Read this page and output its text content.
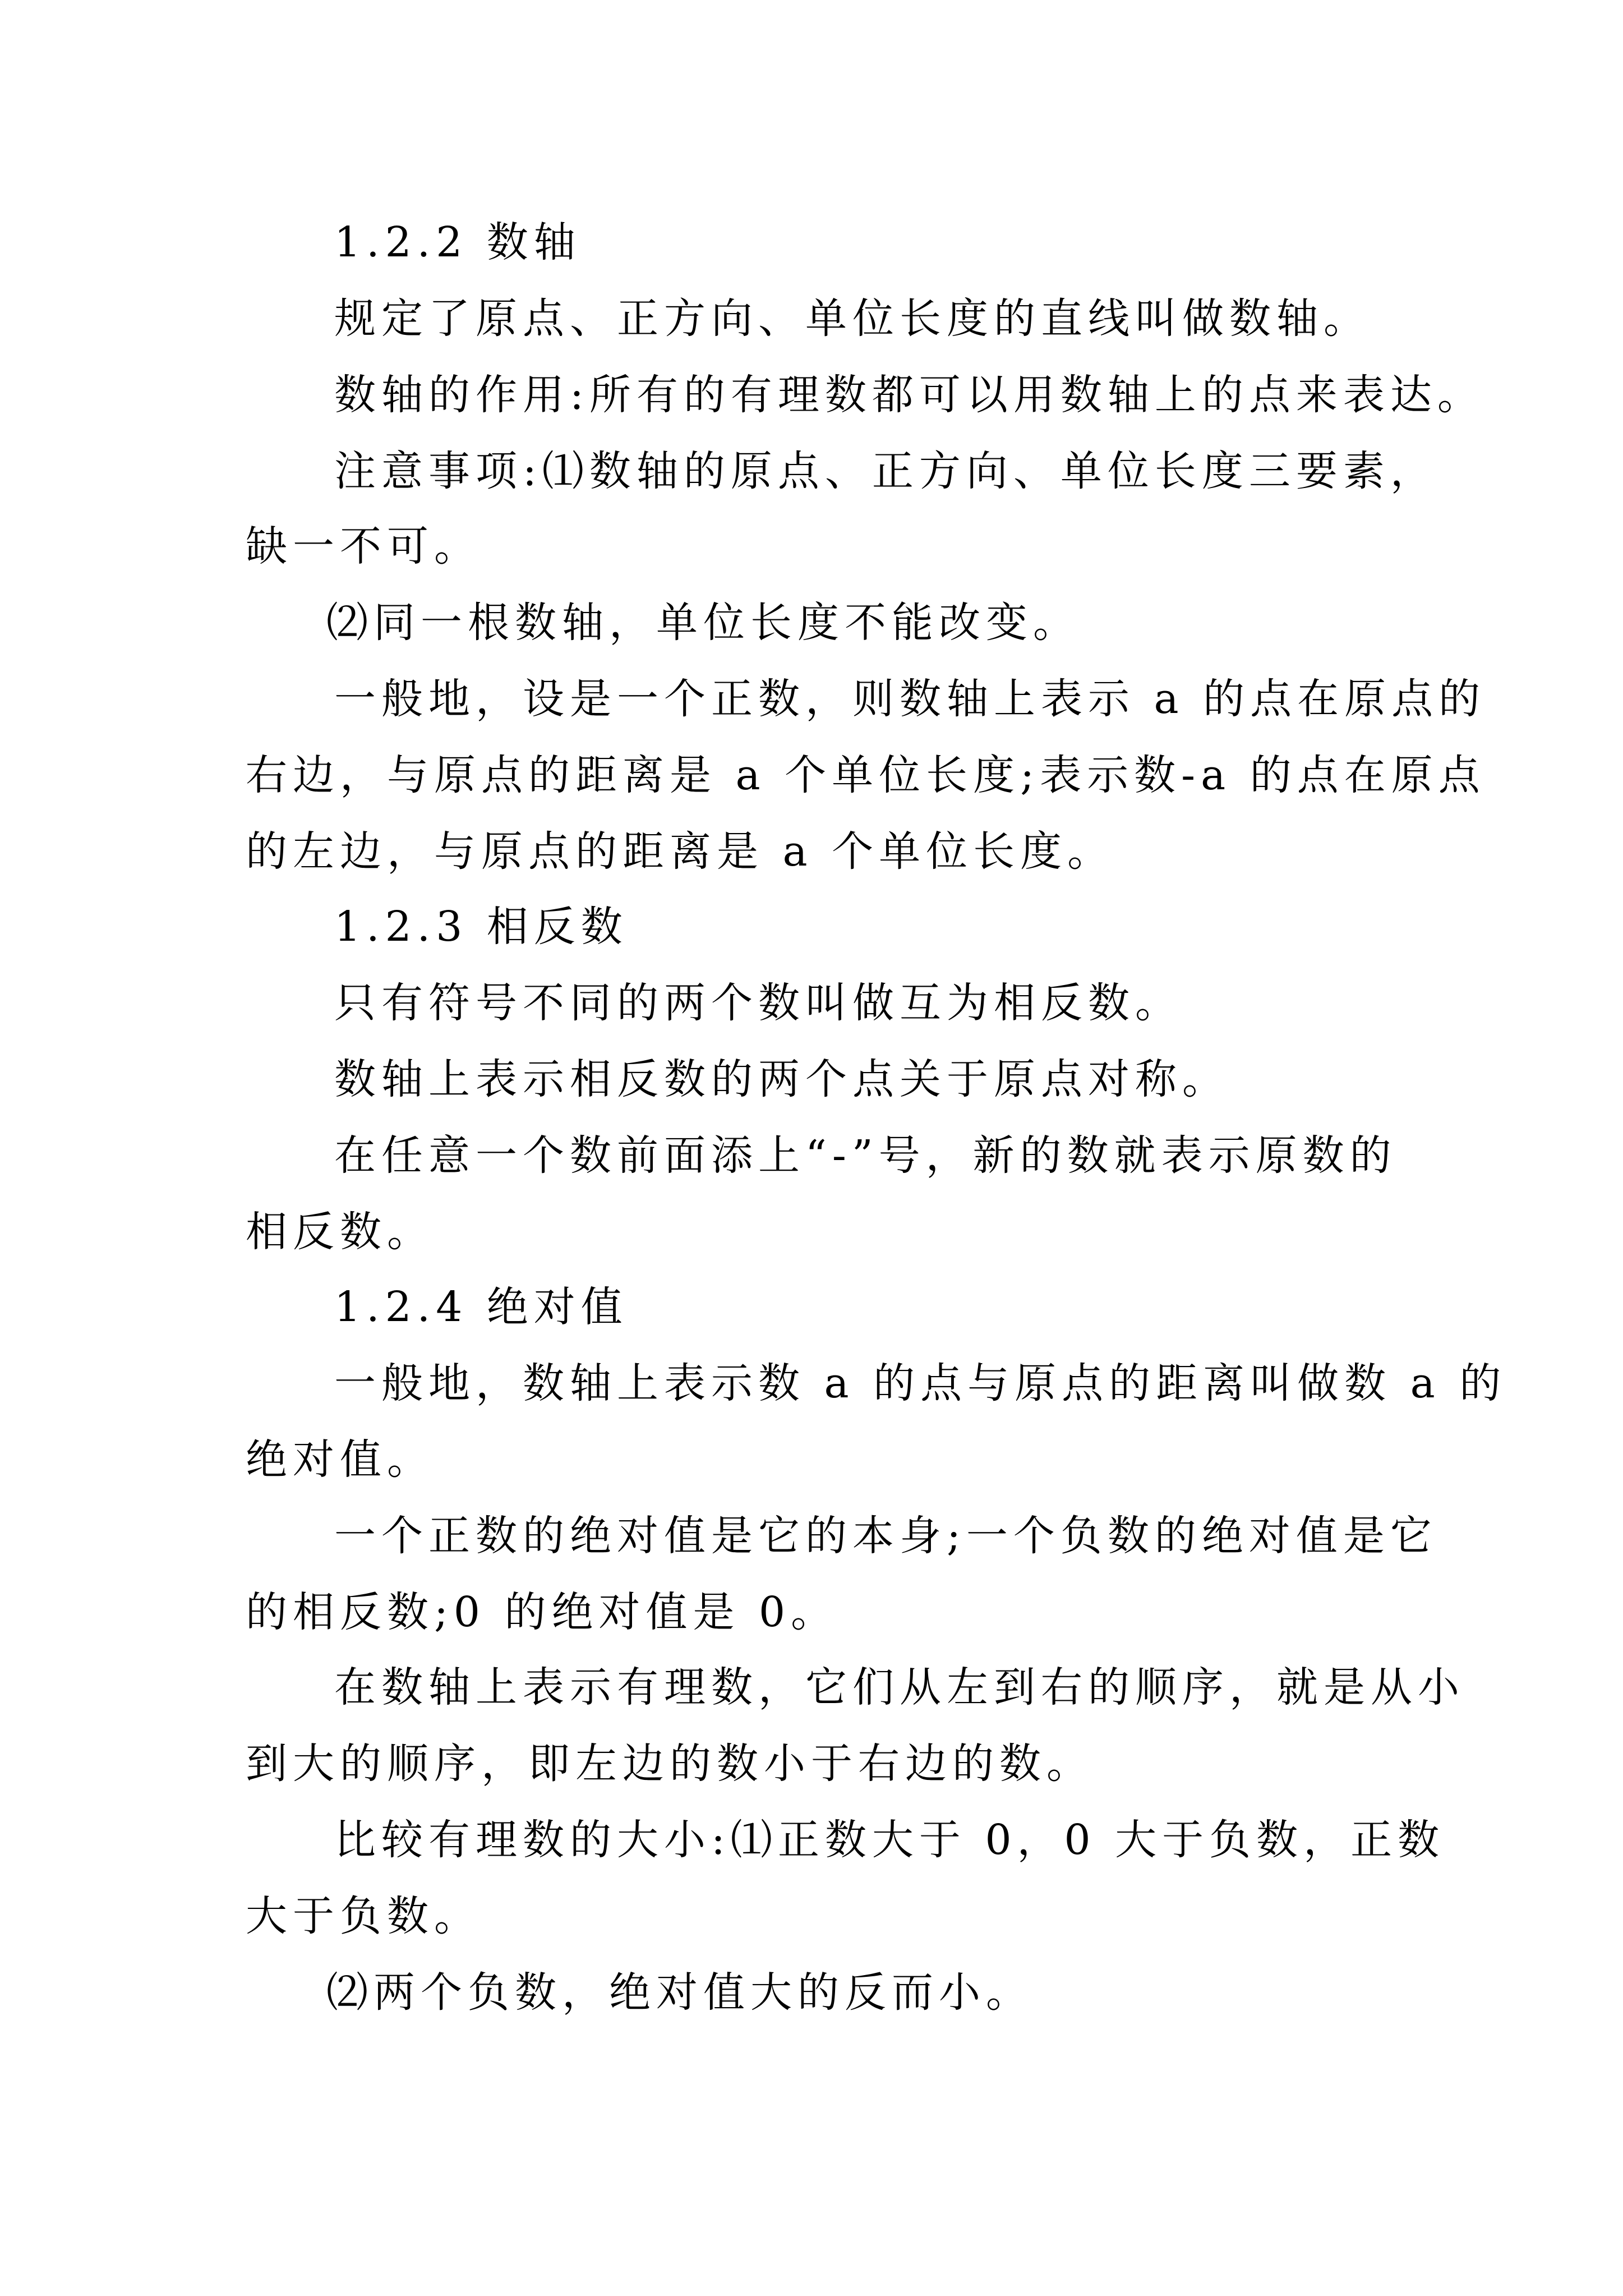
1.2.2 数轴

规定了原点、正方向、单位长度的直线叫做数轴。

数轴的作用:所有的有理数都可以用数轴上的点来表达。

注意事项:⑴数轴的原点、正方向、单位长度三要素，

缺一不可。

⑵同一根数轴，单位长度不能改变。

一般地，设是一个正数，则数轴上表示 a 的点在原点的

右边，与原点的距离是 a 个单位长度;表示数-a 的点在原点

的左边，与原点的距离是 a 个单位长度。

1.2.3 相反数

只有符号不同的两个数叫做互为相反数。

数轴上表示相反数的两个点关于原点对称。

在任意一个数前面添上“-”号，新的数就表示原数的

相反数。

1.2.4 绝对值

一般地，数轴上表示数 a 的点与原点的距离叫做数 a 的

绝对值。

一个正数的绝对值是它的本身;一个负数的绝对值是它

的相反数;0 的绝对值是 0。

在数轴上表示有理数，它们从左到右的顺序，就是从小

到大的顺序，即左边的数小于右边的数。

比较有理数的大小:⑴正数大于 0，0 大于负数，正数

大于负数。

⑵两个负数，绝对值大的反而小。
